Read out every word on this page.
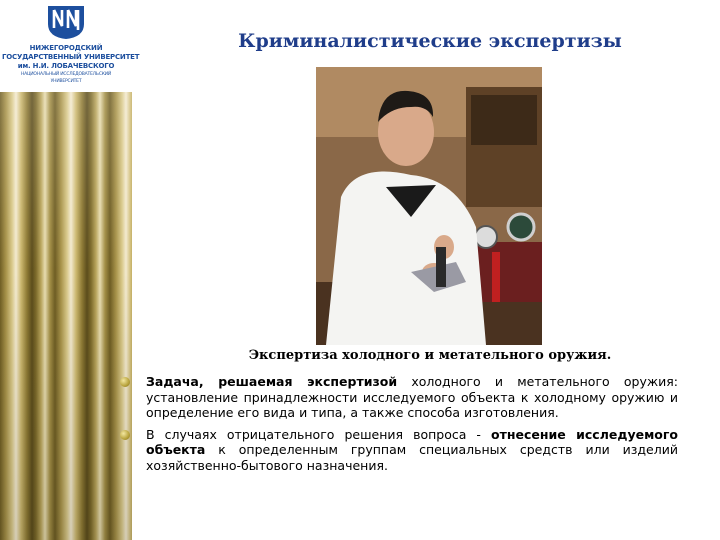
НИЖЕГОРОДСКИЙ
ГОСУДАРСТВЕННЫЙ УНИВЕРСИТЕТ
им. Н.И. ЛОБАЧЕВСКОГО
НАЦИОНАЛЬНЫЙ ИССЛЕДОВАТЕЛЬСКИЙ
УНИВЕРСИТЕТ
Криминалистические экспертизы
Экспертиза холодного и метательного оружия.
Задача, решаемая экспертизой холодного и метательного оружия: установление принадлежности исследуемого объекта к холодному оружию и определение его вида и типа, а также способа изготовления.
В случаях отрицательного решения вопроса - отнесение исследуемого объекта к определенным группам специальных средств или изделий хозяйственно-бытового назначения.
